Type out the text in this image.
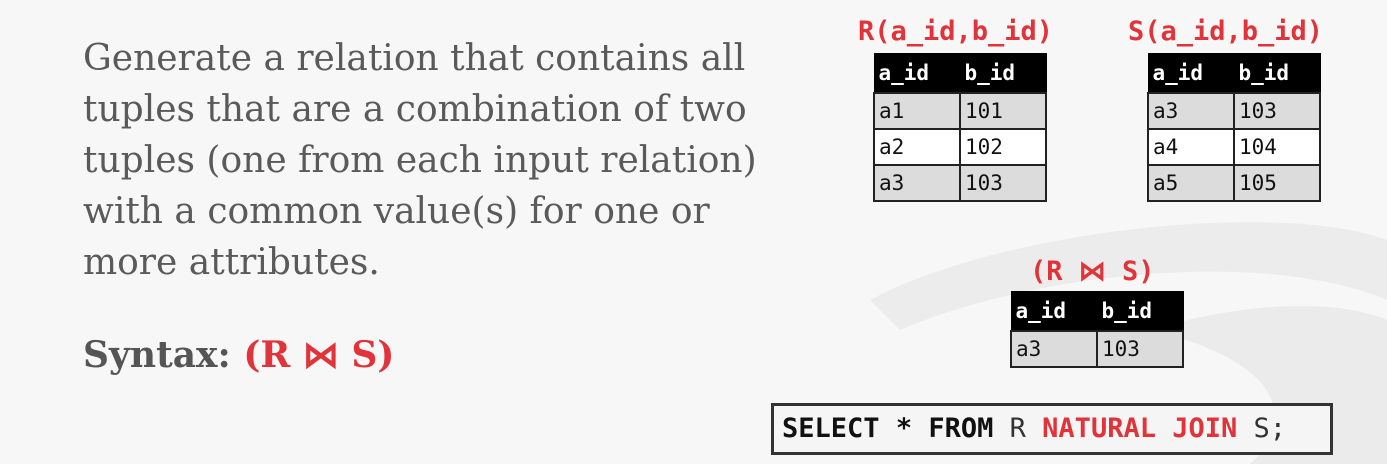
Generate a relation that contains all tuples that are a combination of two tuples (one from each input relation) with a common value(s) for one or more attributes.

Syntax: (R ⋈ S)

R(a_id,b_id)
a_id	b_id
a1	101
a2	102
a3	103
S(a_id,b_id)
a_id	b_id
a3	103
a4	104
a5	105
(R ⋈ S)
a_id	b_id
a3	103
SELECT * FROM R NATURAL JOIN S;
